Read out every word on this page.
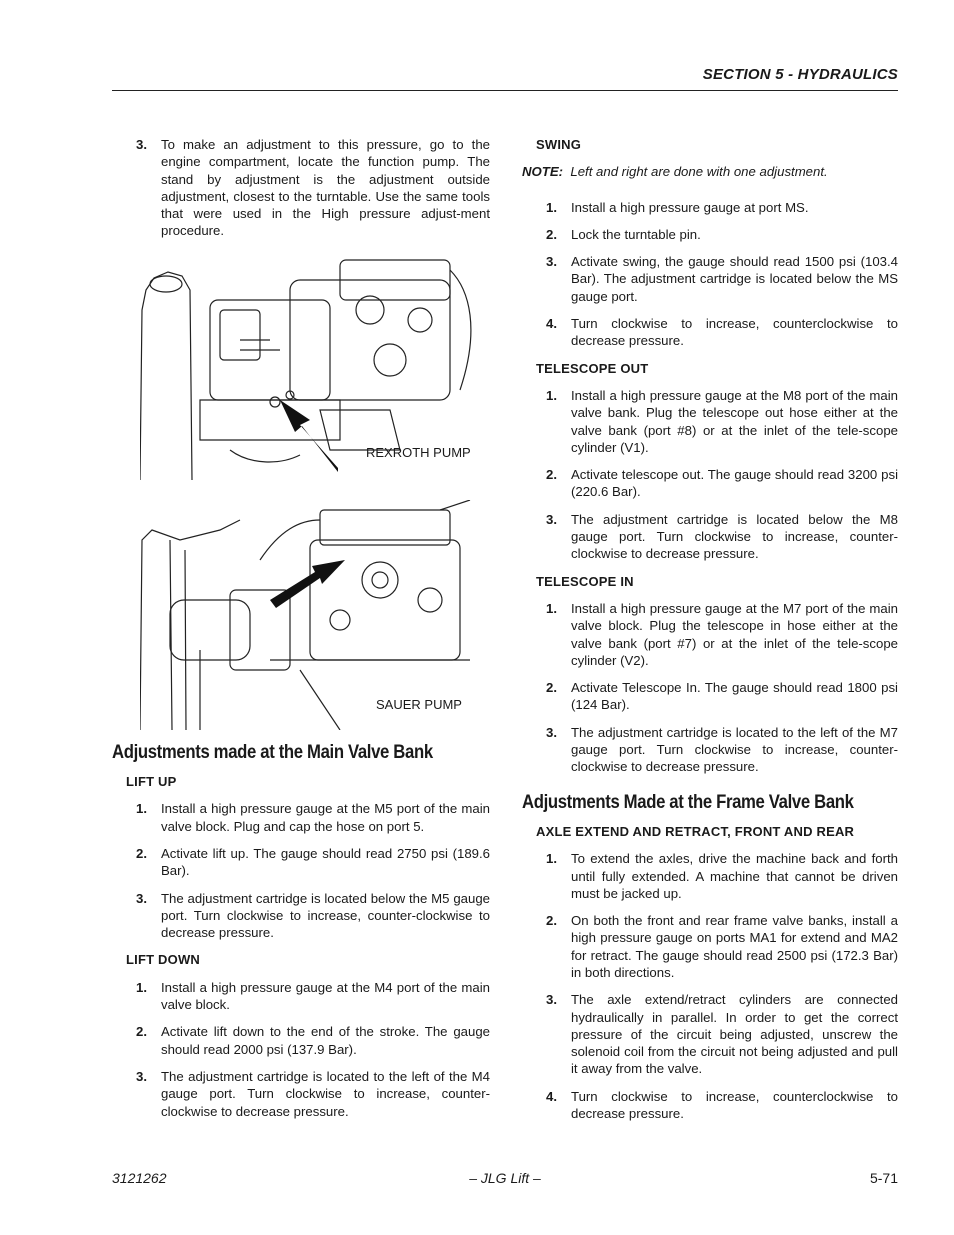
SECTION 5 - HYDRAULICS
3. To make an adjustment to this pressure, go to the engine compartment, locate the function pump. The stand by adjustment is the adjustment outside adjustment, closest to the turntable. Use the same tools that were used in the High pressure adjust-ment procedure.
REXROTH PUMP
SAUER PUMP
Adjustments made at the Main Valve Bank
LIFT UP
1. Install a high pressure gauge at the M5 port of the main valve block. Plug and cap the hose on port 5.
2. Activate lift up. The gauge should read 2750 psi (189.6 Bar).
3. The adjustment cartridge is located below the M5 gauge port. Turn clockwise to increase, counter-clockwise to decrease pressure.
LIFT DOWN
1. Install a high pressure gauge at the M4 port of the main valve block.
2. Activate lift down to the end of the stroke. The gauge should read 2000 psi (137.9 Bar).
3. The adjustment cartridge is located to the left of the M4 gauge port. Turn clockwise to increase, counter-clockwise to decrease pressure.
SWING
NOTE: Left and right are done with one adjustment.
1. Install a high pressure gauge at port MS.
2. Lock the turntable pin.
3. Activate swing, the gauge should read 1500 psi (103.4 Bar). The adjustment cartridge is located below the MS gauge port.
4. Turn clockwise to increase, counterclockwise to decrease pressure.
TELESCOPE OUT
1. Install a high pressure gauge at the M8 port of the main valve bank. Plug the telescope out hose either at the valve bank (port #8) or at the inlet of the tele-scope cylinder (V1).
2. Activate telescope out. The gauge should read 3200 psi (220.6 Bar).
3. The adjustment cartridge is located below the M8 gauge port. Turn clockwise to increase, counter-clockwise to decrease pressure.
TELESCOPE IN
1. Install a high pressure gauge at the M7 port of the main valve block. Plug the telescope in hose either at the valve bank (port #7) or at the inlet of the tele-scope cylinder (V2).
2. Activate Telescope In. The gauge should read 1800 psi (124 Bar).
3. The adjustment cartridge is located to the left of the M7 gauge port. Turn clockwise to increase, counter-clockwise to decrease pressure.
Adjustments Made at the Frame Valve Bank
AXLE EXTEND AND RETRACT, FRONT AND REAR
1. To extend the axles, drive the machine back and forth until fully extended. A machine that cannot be driven must be jacked up.
2. On both the front and rear frame valve banks, install a high pressure gauge on ports MA1 for extend and MA2 for retract. The gauge should read 2500 psi (172.3 Bar) in both directions.
3. The axle extend/retract cylinders are connected hydraulically in parallel. In order to get the correct pressure of the circuit being adjusted, unscrew the solenoid coil from the circuit not being adjusted and pull it away from the valve.
4. Turn clockwise to increase, counterclockwise to decrease pressure.
3121262	– JLG Lift –	5-71
